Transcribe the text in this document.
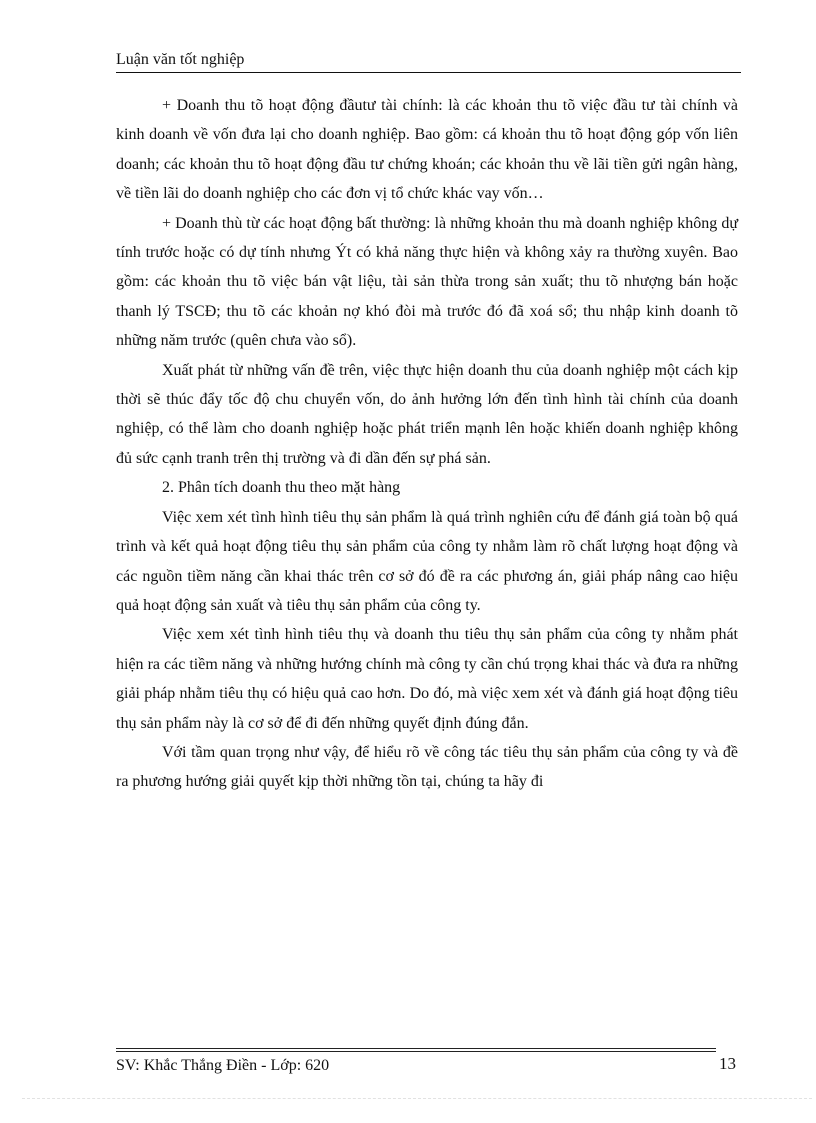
Luận văn tốt nghiệp

+ Doanh thu tõ hoạt động đầutư tài chính: là các khoản thu tõ việc đầu tư tài chính và kinh doanh về vốn đưa lại cho doanh nghiệp. Bao gồm: cá khoản thu tõ hoạt động góp vốn liên doanh; các khoản thu tõ hoạt động đầu tư chứng khoán; các khoản thu về lãi tiền gửi ngân hàng, về tiền lãi do doanh nghiệp cho các đơn vị tổ chức khác vay vốn…

+ Doanh thù từ các hoạt động bất thường: là những khoản thu mà doanh nghiệp không dự tính trước hoặc có dự tính nhưng Ýt có khả năng thực hiện và không xảy ra thường xuyên. Bao gồm: các khoản thu tõ việc bán vật liệu, tài sản thừa trong sản xuất; thu tõ nhượng bán hoặc thanh lý TSCĐ; thu tõ các khoản nợ khó đòi mà trước đó đã xoá sổ; thu nhập kinh doanh tõ những năm trước (quên chưa vào sổ).

Xuất phát từ những vấn đề trên, việc thực hiện doanh thu của doanh nghiệp một cách kịp thời sẽ thúc đẩy tốc độ chu chuyển vốn, do ảnh hưởng lớn đến tình hình tài chính của doanh nghiệp, có thể làm cho doanh nghiệp hoặc phát triển mạnh lên hoặc khiến doanh nghiệp không đủ sức cạnh tranh trên thị trường và đi dần đến sự phá sản.

2. Phân tích doanh thu theo mặt hàng

Việc xem xét tình hình tiêu thụ sản phẩm là quá trình nghiên cứu để đánh giá toàn bộ quá trình và kết quả hoạt động tiêu thụ sản phẩm của công ty nhằm làm rõ chất lượng hoạt động và các nguồn tiềm năng cần khai thác trên cơ sở đó đề ra các phương án, giải pháp nâng cao hiệu quả hoạt động sản xuất và tiêu thụ sản phẩm của công ty.

Việc xem xét tình hình tiêu thụ và doanh thu tiêu thụ sản phẩm của công ty nhằm phát hiện ra các tiềm năng và những hướng chính mà công ty cần chú trọng khai thác và đưa ra những giải pháp nhằm tiêu thụ có hiệu quả cao hơn. Do đó, mà việc xem xét và đánh giá hoạt động tiêu thụ sản phẩm này là cơ sở để đi đến những quyết định đúng đắn.

Với tầm quan trọng như vậy, để hiểu rõ về công tác tiêu thụ sản phẩm của công ty và đề ra phương hướng giải quyết kịp thời những tồn tại, chúng ta hãy đi

SV: Khắc Thắng Điền - Lớp: 620	13
